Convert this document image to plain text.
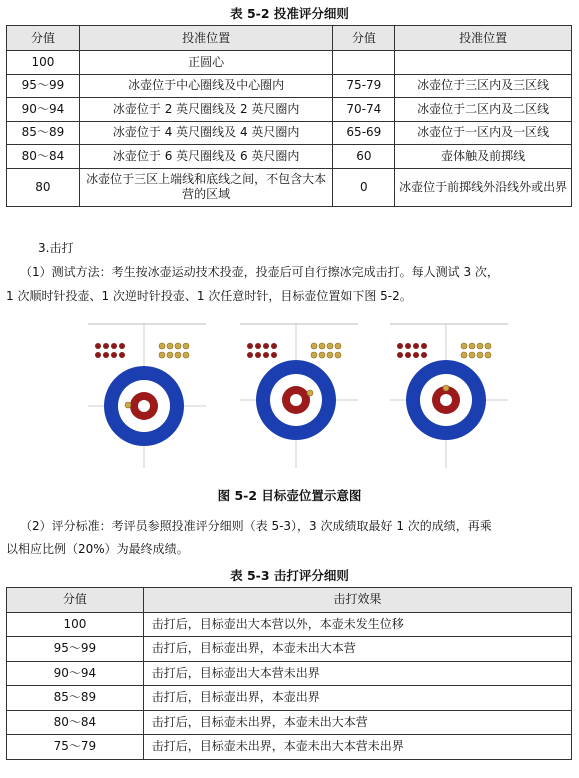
表 5-2 投准评分细则
分值	投准位置	分值	投准位置
100	正圆心		
95～99	冰壶位于中心圈线及中心圈内	75-79	冰壶位于三区内及三区线
90～94	冰壶位于 2 英尺圈线及 2 英尺圈内	70-74	冰壶位于二区内及二区线
85～89	冰壶位于 4 英尺圈线及 4 英尺圈内	65-69	冰壶位于一区内及一区线
80～84	冰壶位于 6 英尺圈线及 6 英尺圈内	60	壶体触及前掷线
80	冰壶位于三区上端线和底线之间，不包含大本营的区域	0	冰壶位于前掷线外沿线外或出界
3.击打
（1）测试方法：考生按冰壶运动技术投壶，投壶后可自行擦冰完成击打。每人测试 3 次，
1 次顺时针投壶、1 次逆时针投壶、1 次任意时针，目标壶位置如下图 5-2。
图 5-2 目标壶位置示意图
（2）评分标准：考评员参照投准评分细则（表 5-3），3 次成绩取最好 1 次的成绩，再乘
以相应比例（20%）为最终成绩。
表 5-3 击打评分细则
分值	击打效果
100	击打后，目标壶出大本营以外，本壶未发生位移
95～99	击打后，目标壶出界，本壶未出大本营
90～94	击打后，目标壶出大本营未出界
85～89	击打后，目标壶出界，本壶出界
80～84	击打后，目标壶未出界，本壶未出大本营
75～79	击打后，目标壶未出界，本壶未出大本营未出界
